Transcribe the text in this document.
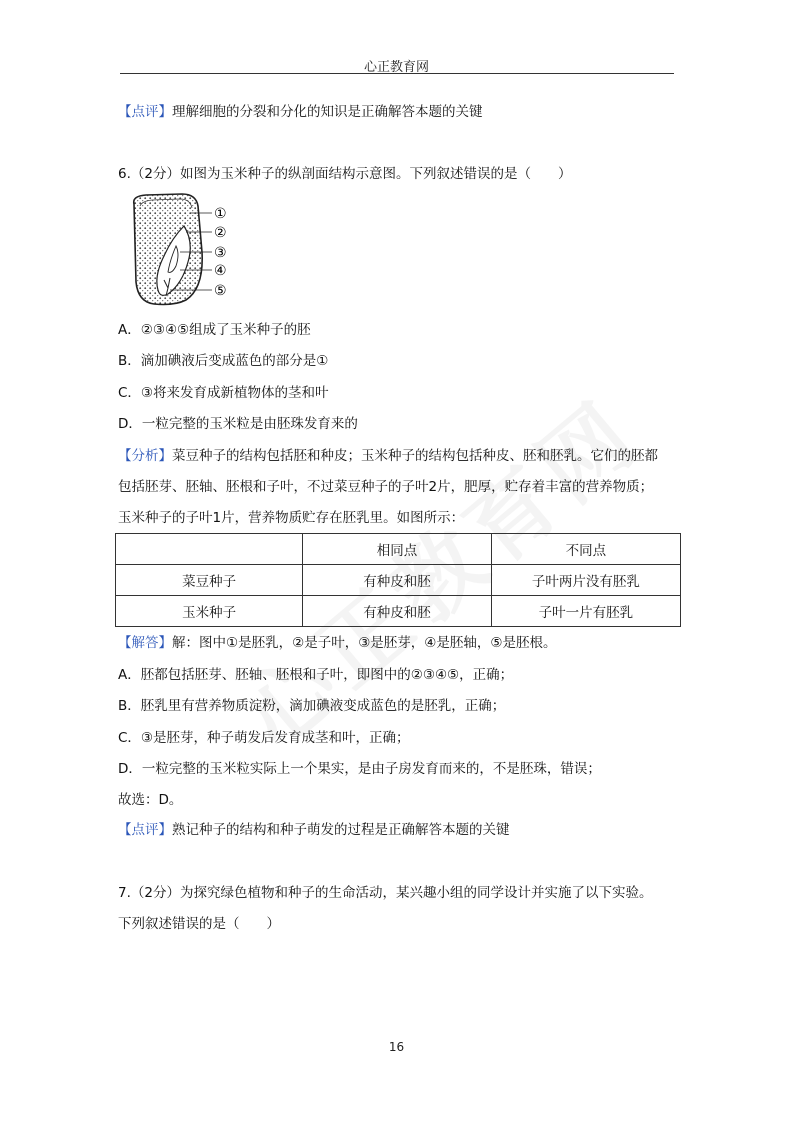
心正教育网
【点评】理解细胞的分裂和分化的知识是正确解答本题的关键
6.（2分）如图为玉米种子的纵剖面结构示意图。下列叙述错误的是（　　）
①
②
③
④
⑤
A．②③④⑤组成了玉米种子的胚
B．滴加碘液后变成蓝色的部分是①
C．③将来发育成新植物体的茎和叶
D．一粒完整的玉米粒是由胚珠发育来的
【分析】菜豆种子的结构包括胚和种皮；玉米种子的结构包括种皮、胚和胚乳。它们的胚都
包括胚芽、胚轴、胚根和子叶，不过菜豆种子的子叶2片，肥厚，贮存着丰富的营养物质；
玉米种子的子叶1片，营养物质贮存在胚乳里。如图所示：
	相同点	不同点
菜豆种子	有种皮和胚	子叶两片没有胚乳
玉米种子	有种皮和胚	子叶一片有胚乳
【解答】解：图中①是胚乳，②是子叶，③是胚芽，④是胚轴，⑤是胚根。
A．胚都包括胚芽、胚轴、胚根和子叶，即图中的②③④⑤，正确；
B．胚乳里有营养物质淀粉，滴加碘液变成蓝色的是胚乳，正确；
C．③是胚芽，种子萌发后发育成茎和叶，正确；
D．一粒完整的玉米粒实际上一个果实，是由子房发育而来的，不是胚珠，错误；
故选：D。
【点评】熟记种子的结构和种子萌发的过程是正确解答本题的关键
7.（2分）为探究绿色植物和种子的生命活动，某兴趣小组的同学设计并实施了以下实验。
下列叙述错误的是（　　）
16
